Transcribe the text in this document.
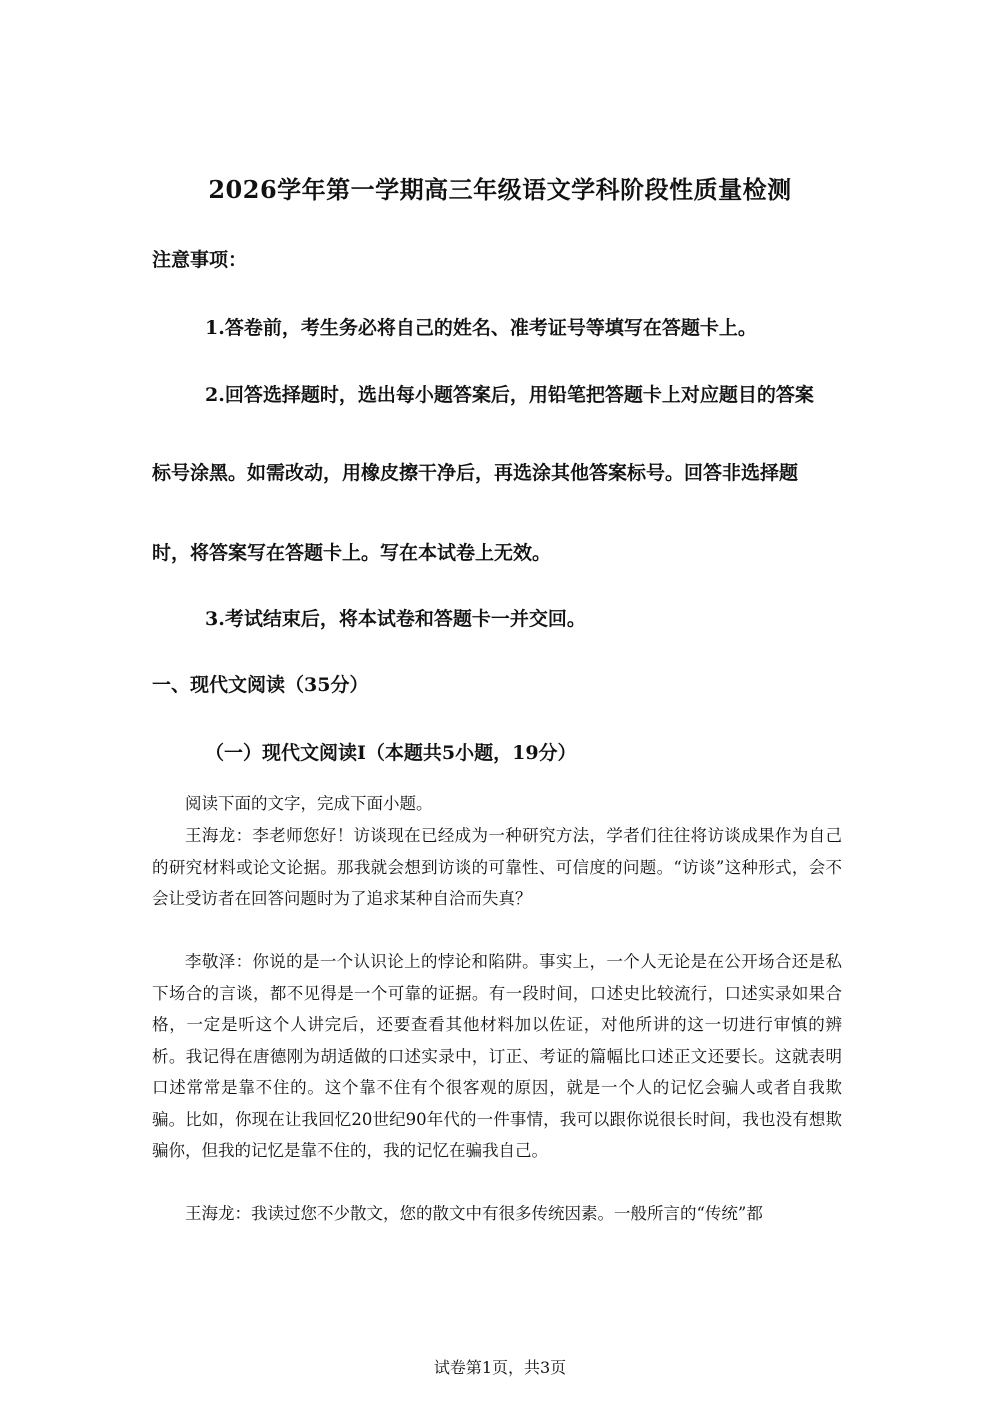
2026学年第一学期高三年级语文学科阶段性质量检测
注意事项：
1.答卷前，考生务必将自己的姓名、准考证号等填写在答题卡上。
2.回答选择题时，选出每小题答案后，用铅笔把答题卡上对应题目的答案
标号涂黑。如需改动，用橡皮擦干净后，再选涂其他答案标号。回答非选择题
时，将答案写在答题卡上。写在本试卷上无效。
3.考试结束后，将本试卷和答题卡一并交回。
一、现代文阅读（35分）
（一）现代文阅读Ⅰ（本题共5小题，19分）
阅读下面的文字，完成下面小题。
王海龙：李老师您好！访谈现在已经成为一种研究方法，学者们往往将访谈成果作为自己的研究材料或论文论据。那我就会想到访谈的可靠性、可信度的问题。“访谈”这种形式，会不会让受访者在回答问题时为了追求某种自洽而失真？
李敬泽：你说的是一个认识论上的悖论和陷阱。事实上，一个人无论是在公开场合还是私下场合的言谈，都不见得是一个可靠的证据。有一段时间，口述史比较流行，口述实录如果合格，一定是听这个人讲完后，还要查看其他材料加以佐证，对他所讲的这一切进行审慎的辨析。我记得在唐德刚为胡适做的口述实录中，订正、考证的篇幅比口述正文还要长。这就表明口述常常是靠不住的。这个靠不住有个很客观的原因，就是一个人的记忆会骗人或者自我欺骗。比如，你现在让我回忆20世纪90年代的一件事情，我可以跟你说很长时间，我也没有想欺骗你，但我的记忆是靠不住的，我的记忆在骗我自己。
王海龙：我读过您不少散文，您的散文中有很多传统因素。一般所言的“传统”都
试卷第1页，共3页
